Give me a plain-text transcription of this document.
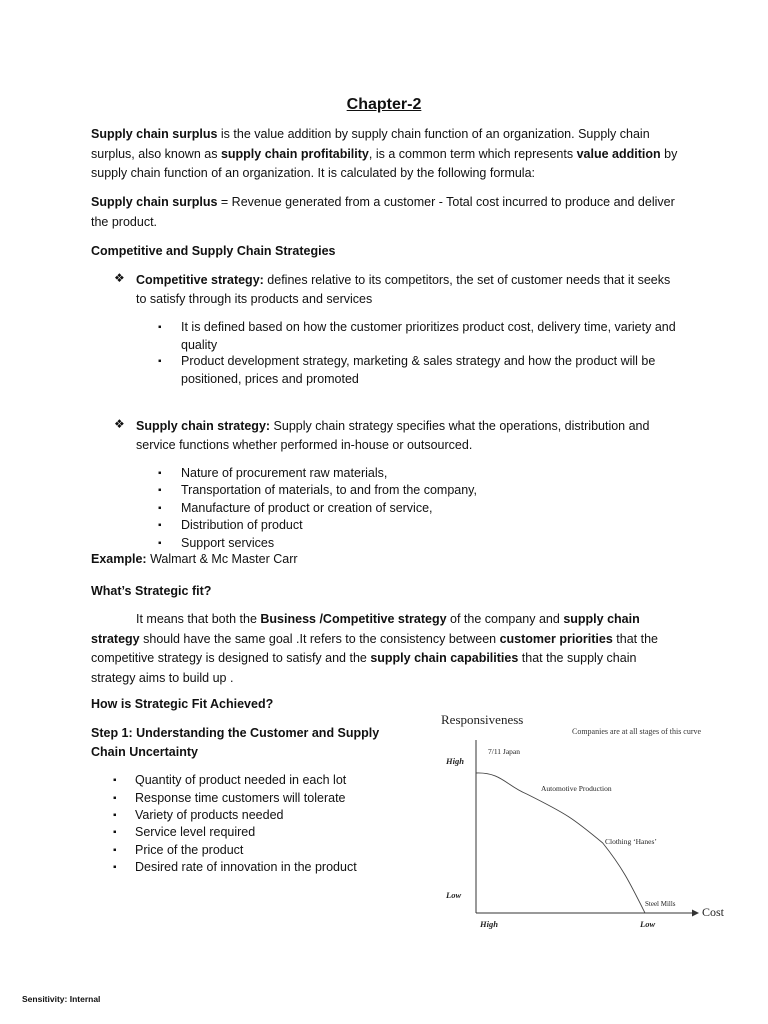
Chapter-2
Supply chain surplus is the value addition by supply chain function of an organization. Supply chain surplus, also known as supply chain profitability, is a common term which represents value addition by supply chain function of an organization. It is calculated by the following formula:
Supply chain surplus = Revenue generated from a customer - Total cost incurred to produce and deliver the product.
Competitive and Supply Chain Strategies
❖ Competitive strategy: defines relative to its competitors, the set of customer needs that it seeks to satisfy through its products and services
▪ It is defined based on how the customer prioritizes product cost, delivery time, variety and quality
▪ Product development strategy, marketing & sales strategy and how the product will be positioned, prices and promoted
❖ Supply chain strategy: Supply chain strategy specifies what the operations, distribution and service functions whether performed in-house or outsourced.
▪ Nature of procurement raw materials,
▪ Transportation of materials, to and from the company,
▪ Manufacture of product or creation of service,
▪ Distribution of product
▪ Support services
Example: Walmart & Mc Master Carr
What’s Strategic fit?
It means that both the Business /Competitive strategy of the company and supply chain strategy should have the same goal .It refers to the consistency between customer priorities that the competitive strategy is designed to satisfy and the supply chain capabilities that the supply chain strategy aims to build up .
How is Strategic Fit Achieved?
Step 1: Understanding the Customer and Supply Chain Uncertainty
▪ Quantity of product needed in each lot
▪ Response time customers will tolerate
▪ Variety of products needed
▪ Service level required
▪ Price of the product
▪ Desired rate of innovation in the product
Responsiveness
Companies are at all stages of this curve
High
Low
High	Low
Cost
7/11 Japan
Automotive Production
Clothing ‘Hanes’
Steel Mills
Sensitivity: Internal
